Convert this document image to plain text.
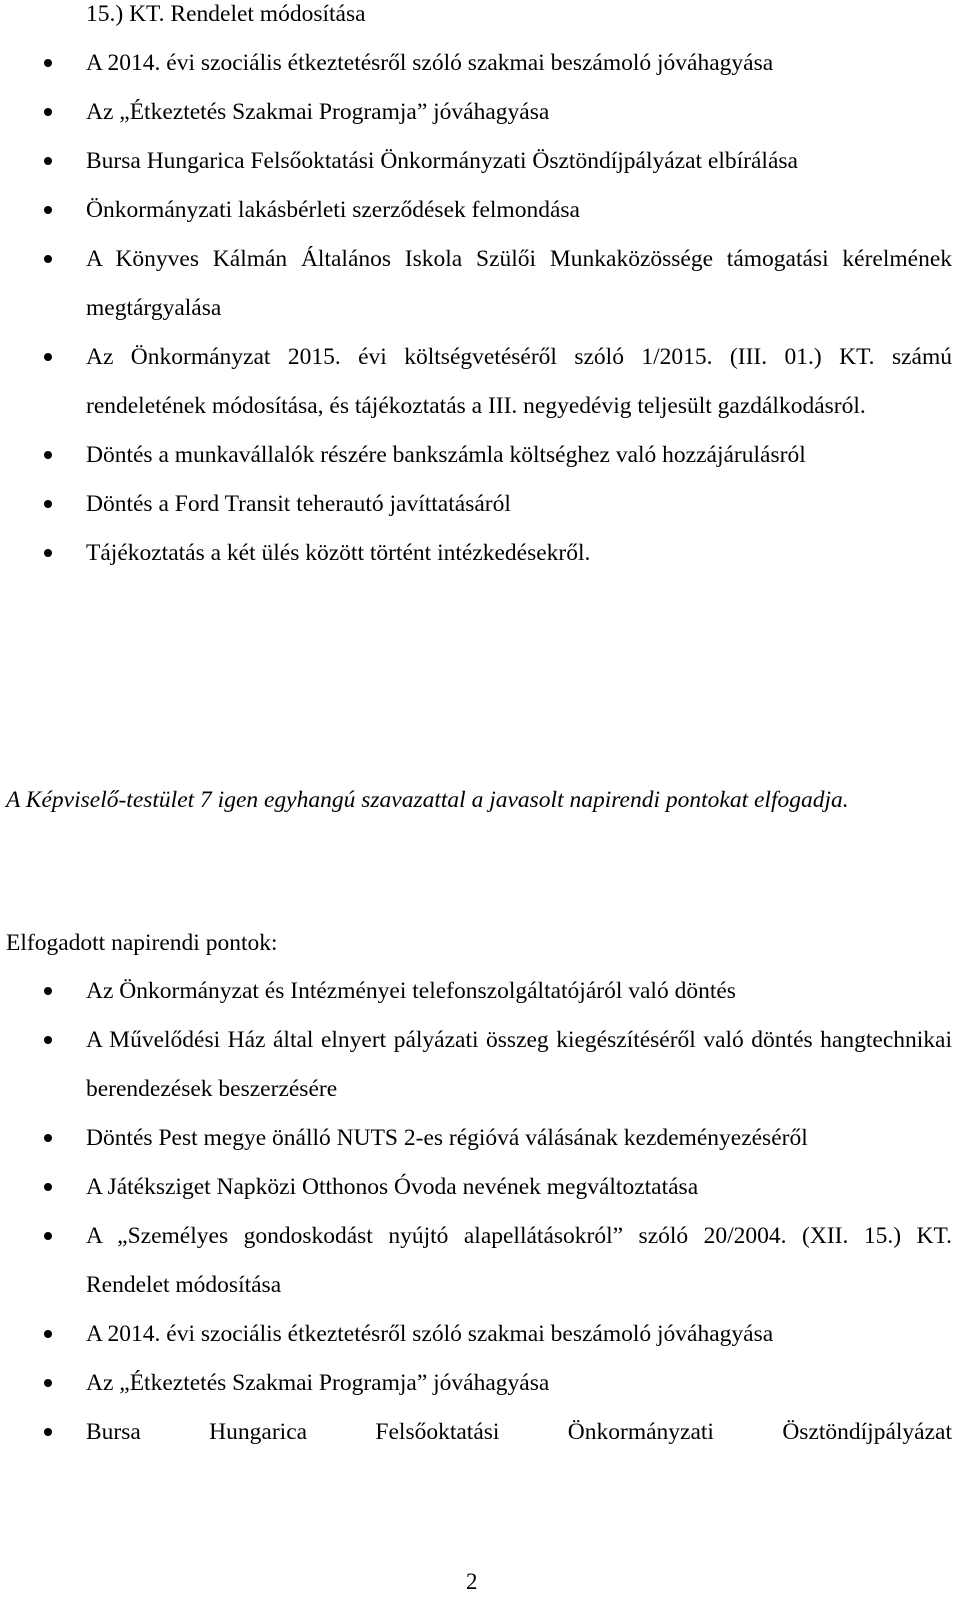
15.) KT. Rendelet módosítása

A 2014. évi szociális étkeztetésről szóló szakmai beszámoló jóváhagyása
Az „Étkeztetés Szakmai Programja” jóváhagyása
Bursa Hungarica Felsőoktatási Önkormányzati Ösztöndíjpályázat elbírálása
Önkormányzati lakásbérleti szerződések felmondása
A Könyves Kálmán Általános Iskola Szülői Munkaközössége támogatási kérelmének megtárgyalása
Az Önkormányzat 2015. évi költségvetéséről szóló 1/2015. (III. 01.) KT. számú rendeletének módosítása, és tájékoztatás a III. negyedévig teljesült gazdálkodásról.
Döntés a munkavállalók részére bankszámla költséghez való hozzájárulásról
Döntés a Ford Transit teherautó javíttatásáról
Tájékoztatás a két ülés között történt intézkedésekről.

A Képviselő-testület 7 igen egyhangú szavazattal a javasolt napirendi pontokat elfogadja.

Elfogadott napirendi pontok:

Az Önkormányzat és Intézményei telefonszolgáltatójáról való döntés
A Művelődési Ház által elnyert pályázati összeg kiegészítéséről való döntés hangtechnikai berendezések beszerzésére
Döntés Pest megye önálló NUTS 2-es régióvá válásának kezdeményezéséről
A Játéksziget Napközi Otthonos Óvoda nevének megváltoztatása
A „Személyes gondoskodást nyújtó alapellátásokról” szóló 20/2004. (XII. 15.) KT. Rendelet módosítása
A 2014. évi szociális étkeztetésről szóló szakmai beszámoló jóváhagyása
Az „Étkeztetés Szakmai Programja” jóváhagyása
Bursa Hungarica Felsőoktatási Önkormányzati Ösztöndíjpályázat

2
